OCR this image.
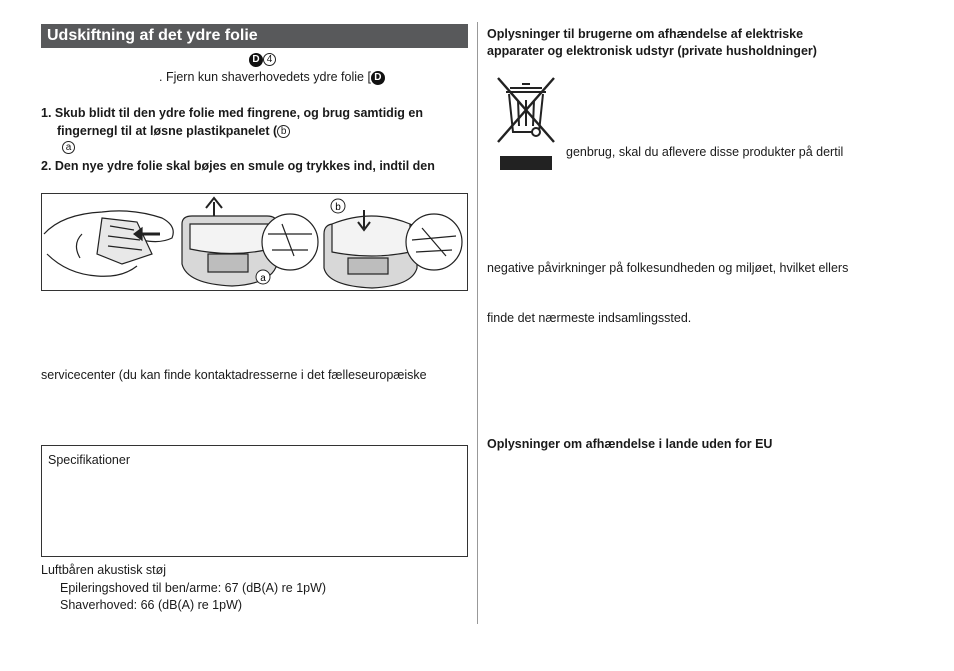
Udskiftning af det ydre folie
D 4
. Fjern kun shaverhovedets ydre folie [ D
1. Skub blidt til den ydre folie med fingrene, og brug samtidig en
fingernegl til at løsne plastikpanelet ( b
a
2. Den nye ydre folie skal bøjes en smule og trykkes ind, indtil den
a
b
servicecenter (du kan finde kontaktadresserne i det fælleseuropæiske
Specifikationer
Luftbåren akustisk støj
Epileringshoved til ben/arme: 67 (dB(A) re 1pW)
Shaverhoved: 66 (dB(A) re 1pW)
Oplysninger til brugerne om afhændelse af elektriske
apparater og elektronisk udstyr (private husholdninger)
genbrug, skal du aflevere disse produkter på dertil
negative påvirkninger på folkesundheden og miljøet, hvilket ellers
finde det nærmeste indsamlingssted.
Oplysninger om afhændelse i lande uden for EU
